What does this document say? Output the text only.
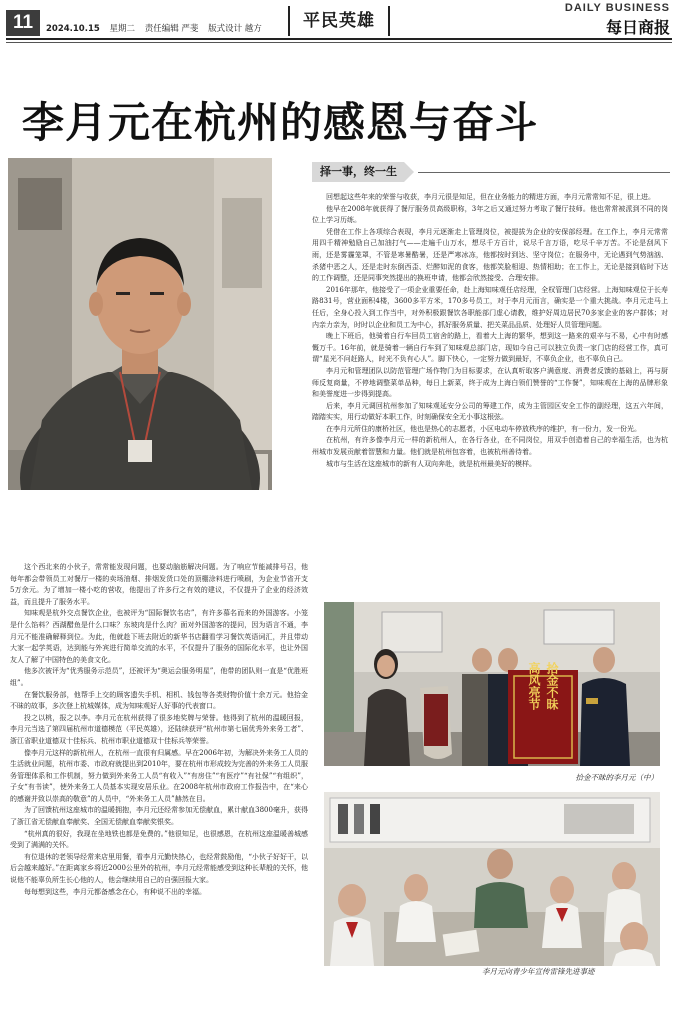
11	2024.10.15 星期二 责任编辑 严斐 版式设计 越方	平民英雄
DAILY BUSINESS
每日商报
李月元在杭州的感恩与奋斗
择一事，终一生

回想起这些年来的荣誉与收获，李月元很是知足，但在业务能力的精进方面，李月元常常知不足，很上进。

他早在2008年就获得了餐厅服务员高级职称，3年之后又通过努力考取了餐厅技师。他也常常被派到不同的岗位上学习历练。

凭借在工作上各项综合表现，李月元逐渐走上管理岗位，被提拔为企业的安保部经理。在工作上，李月元常常用四千精神勉励自己加油打气——走遍千山万水，想尽千方百计，说尽千言万语，吃尽千辛万苦。不论是刮风下雨，还是雾霾笼罩，不管是寒暑酷暑，还是严寒冰冻，他都按时到达、坚守岗位；在服务中，无论遇到气势汹汹、杀猪中恶之人，还是走时东倒西歪、烂醉如泥的食客，他都笑脸相迎、热情相助；在工作上，无论是接到临时下达的工作调整，还是同事突然提出的换班申请，他都会欣然接受、合理安排。

2016年那年，他接受了一项企业重要任命，赴上海知味观任店经理，全权管理门店经营。上海知味观位于长寿路831号，营业面积4楼，3600多平方米，170多号员工，对于李月元而言，确实是一个重大挑战。李月元走马上任后，全身心投入到工作当中，对外积极跟餐饮各职能部门虚心请教，维护好周边居民70多家企业的客户群体；对内亲力亲为，时时以企业和员工为中心，抓好服务质量、把关菜品品质、处理好人员管理问题。

晚上下班后，他骑着自行车回员工宿舍的路上，看着大上海的繁华，想到这一路来的艰辛与不易，心中有时感慨万千。16年前，就是骑着一辆自行车到了知味观总部门店，现如今自己可以独立负责一家门店的经营工作，真可谓“星光不问赶路人，时光不负有心人”。脚下快心，一定努力做到最好，不辜负企业，也不辜负自己。

李月元和管理团队以防范管理广场作物门为目标要求，在认真听取客户满意度、消费者反馈的基础上，再与厨师反复商量，不停地调整菜单品种，每日上新菜，终于成为上海白领们赞誉的“工作餐”，知味观在上海的品牌形象和美誉度进一步得到提高。

后来，李月元调回杭州参加了知味观延安分公司的筹建工作，成为主管园区安全工作的副经理，这五六年间，踏踏实实，用行动做好本职工作，时刻确保安全无小事这根弦。

在李月元所住的康桥社区，他也是热心的志愿者，小区电动车停放秩序的维护，有一份力，发一份光。

在杭州，有许多像李月元一样的新杭州人，在各行各业，在不同岗位，用双手创造着自己的幸福生活，也为杭州城市发展贡献着智慧和力量。他们就是杭州包容着，也被杭州善待着。

城市与生活在这座城市的新有人双向奔赴，就是杭州最美好的模样。

这个西北来的小伙子，常常能发现问题，也要动脑筋解决问题。为了响应节能减排号召，他每年都会带领员工对餐厅一楼的卖场油烟、排烟发货口处的顶棚涂料进行喷刷，为企业节省开支5万余元。为了增加一楼小吃的营收，他提出了许多行之有效的建议，不仅提升了企业的经济效益，而且提升了服务水平。

知味观是杭外交点餐饮企业，也被评为“国际餐饮名店”，有许多慕名而来的外国游客。小笼是什么馅料？西湖醋鱼是什么口味？东坡肉是什么肉？面对外国游客的提问，因为语言不通，李月元不能准确解释到位。为此，他就趁下班去附近的新华书店翻看学习餐饮英语词汇，并且带动大家一起学英语，达到能与外宾进行简单交流的水平，不仅提升了服务的国际化水平，也让外国友人了解了中国特色的美食文化。

他多次被评为“优秀服务示范员”，还被评为“奥运会服务明星”，他带的团队则一直是“优胜班组”。

在餐饮服务部，他帮手上交的顾客遗失手机、相机、钱包等各类财物价值十余万元。他拾金不昧的故事，多次登上杭城媒体，成为知味观好人好事的代表窗口。

投之以桃，报之以李。李月元在杭州获得了很多地奖牌与荣誉。他得到了杭州的温暖回报，李月元当选了第四届杭州市道德模范（平民英雄），还陆续获评“杭州市第七届优秀外来务工者”、浙江省职业道德双十佳标兵、杭州市职业道德双十佳标兵等荣誉。

像李月元这样的新杭州人，在杭州一直很有归属感。早在2006年初，为解决外来务工人员的生活就业问题，杭州市委、市政府就提出到2010年，要在杭州市形成较为完善的外来务工人员服务管理体系和工作机制，努力做到外来务工人员“有收入”“有房住”“有医疗”“有社保”“有组织”，子女“有书读”，使外来务工人员基本实现安居乐业。在2008年杭州市政府工作报告中，在“来心的感谢并致以崇高的敬意”的人员中，“外来务工人员”赫然在目。

为了回馈杭州这座城市的温暖拥抱，李月元还经常参加无偿献血，累计献血3800毫升，获得了浙江省无偿献血奉献奖、全国无偿献血奉献奖银奖。

“杭州真的很好，我现在坐地铁也都是免费的。”他很知足，也很感恩，在杭州这座温暖善城感受到了满满的关怀。

有位退休的老领导经常来店里用餐，看李月元勤快热心，也经常鼓励他，“小伙子好好干，以后会越来越好。”在距离家乡将近2000公里外的杭州，李月元经常能感受到这种长辈般的关怀，他说他不能辜负所生长心他的人，他会继续用自己的自强回报大家。

每每想到这些，李月元都备感念在心，有种说不出的幸福。

拾金不昧
高风亮节
拾金不昧的李月元（中）
李月元向青少年宣传雷锋先进事迹
